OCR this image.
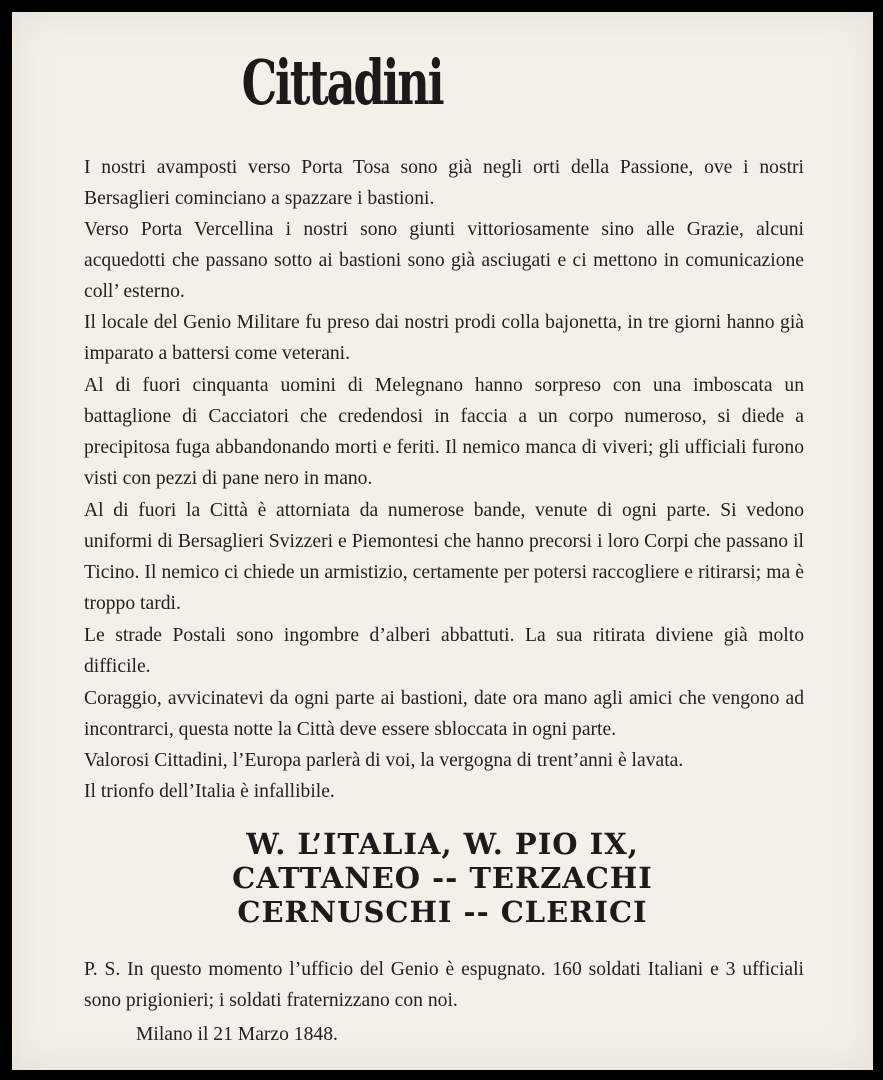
Cittadini

I nostri avamposti verso Porta Tosa sono già negli orti della Passione, ove i nostri Bersaglieri cominciano a spazzare i bastioni.

Verso Porta Vercellina i nostri sono giunti vittoriosamente sino alle Grazie, alcuni acquedotti che passano sotto ai bastioni sono già asciugati e ci mettono in comunicazione coll’ esterno.

Il locale del Genio Militare fu preso dai nostri prodi colla bajonetta, in tre giorni hanno già imparato a battersi come veterani.

Al di fuori cinquanta uomini di Melegnano hanno sorpreso con una imboscata un battaglione di Cacciatori che credendosi in faccia a un corpo numeroso, si diede a precipitosa fuga abbandonando morti e feriti. Il nemico manca di viveri; gli ufficiali furono visti con pezzi di pane nero in mano.

Al di fuori la Città è attorniata da numerose bande, venute di ogni parte. Si vedono uniformi di Bersaglieri Svizzeri e Piemontesi che hanno precorsi i loro Corpi che passano il Ticino. Il nemico ci chiede un armistizio, certamente per potersi raccogliere e ritirarsi; ma è troppo tardi.

Le strade Postali sono ingombre d’alberi abbattuti. La sua ritirata diviene già molto difficile.

Coraggio, avvicinatevi da ogni parte ai bastioni, date ora mano agli amici che vengono ad incontrarci, questa notte la Città deve essere sbloccata in ogni parte.

Valorosi Cittadini, l’Europa parlerà di voi, la vergogna di trent’anni è lavata.

Il trionfo dell’Italia è infallibile.

W. L’ITALIA, W. PIO IX,
CATTANEO -- TERZACHI
CERNUSCHI -- CLERICI

P. S. In questo momento l’ufficio del Genio è espugnato. 160 soldati Italiani e 3 ufficiali sono prigionieri; i soldati fraternizzano con noi.

Milano il 21 Marzo 1848.
